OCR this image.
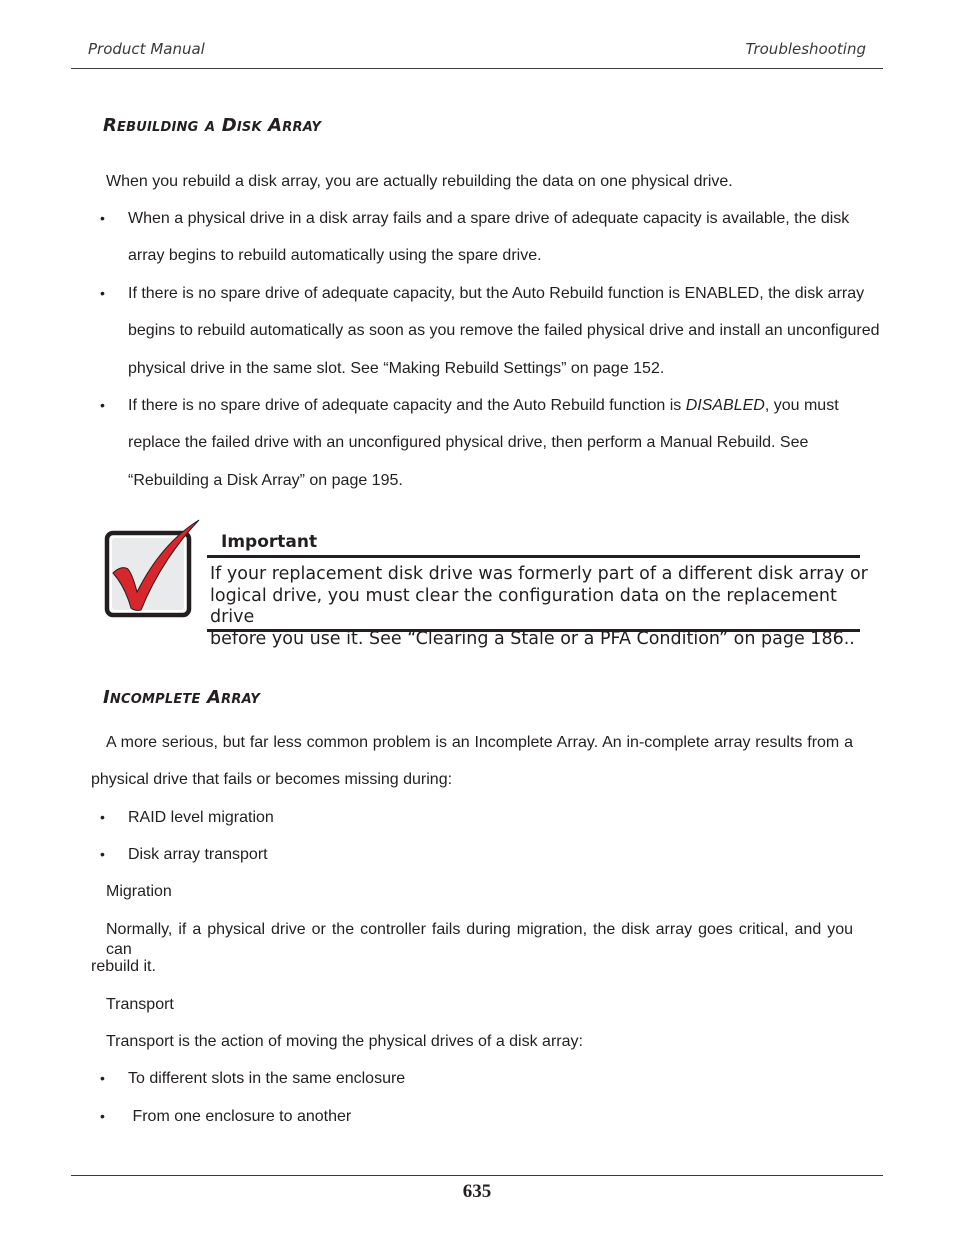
Product Manual	Troubleshooting
Rebuilding a Disk Array
When you rebuild a disk array, you are actually rebuilding the data on one physical drive.
• When a physical drive in a disk array fails and a spare drive of adequate capacity is available, the disk
array begins to rebuild automatically using the spare drive.
• If there is no spare drive of adequate capacity, but the Auto Rebuild function is ENABLED, the disk array
begins to rebuild automatically as soon as you remove the failed physical drive and install an unconfigured
physical drive in the same slot. See “Making Rebuild Settings” on page 152.
• If there is no spare drive of adequate capacity and the Auto Rebuild function is DISABLED, you must
replace the failed drive with an unconfigured physical drive, then perform a Manual Rebuild. See
“Rebuilding a Disk Array” on page 195.
Important
If your replacement disk drive was formerly part of a different disk array or
logical drive, you must clear the configuration data on the replacement drive
before you use it. See “Clearing a Stale or a PFA Condition” on page 186..
Incomplete Array
A more serious, but far less common problem is an Incomplete Array. An in-complete array results from a
physical drive that fails or becomes missing during:
• RAID level migration
• Disk array transport
Migration
Normally, if a physical drive or the controller fails during migration, the disk array goes critical, and you can
rebuild it.
Transport
Transport is the action of moving the physical drives of a disk array:
• To different slots in the same enclosure
• From one enclosure to another
635
